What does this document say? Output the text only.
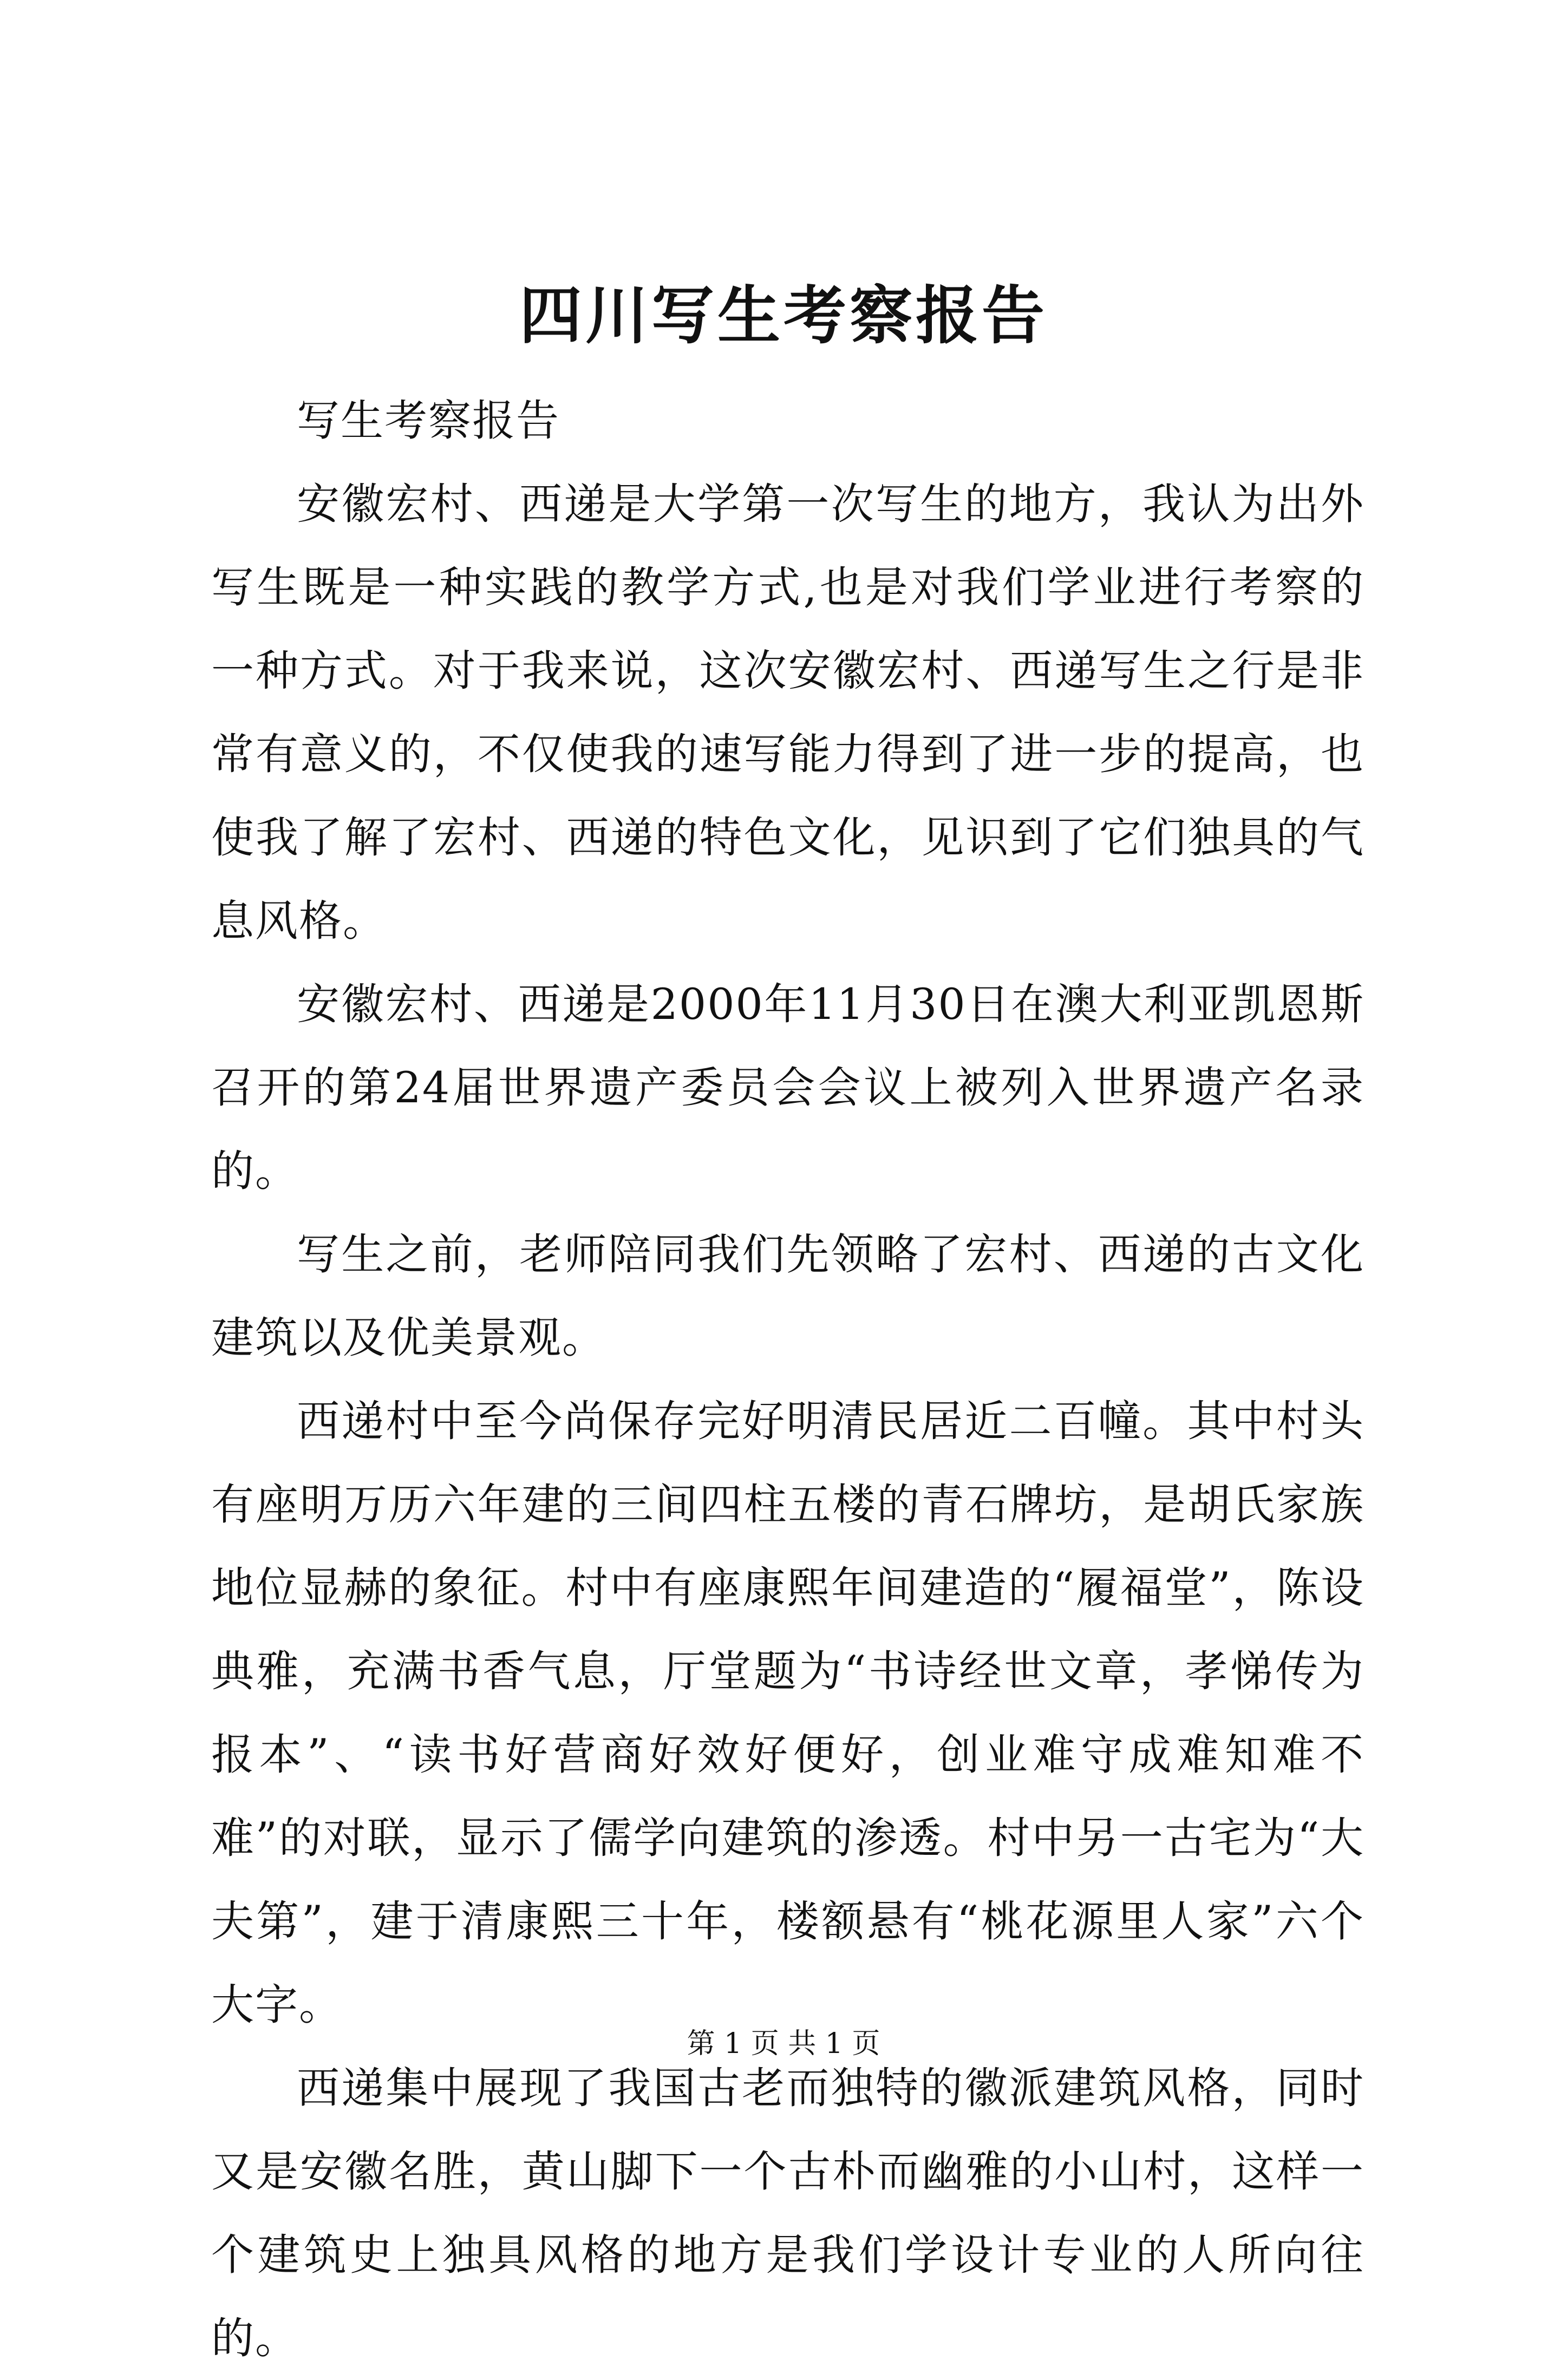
四川写生考察报告

写生考察报告

安徽宏村、西递是大学第一次写生的地方，我认为出外写生既是一种实践的教学方式,也是对我们学业进行考察的一种方式。对于我来说，这次安徽宏村、西递写生之行是非常有意义的，不仅使我的速写能力得到了进一步的提高，也使我了解了宏村、西递的特色文化，见识到了它们独具的气息风格。

安徽宏村、西递是2000年11月30日在澳大利亚凯恩斯召开的第24届世界遗产委员会会议上被列入世界遗产名录的。

写生之前，老师陪同我们先领略了宏村、西递的古文化建筑以及优美景观。

西递村中至今尚保存完好明清民居近二百幢。其中村头有座明万历六年建的三间四柱五楼的青石牌坊，是胡氏家族地位显赫的象征。村中有座康熙年间建造的“履福堂”，陈设典雅，充满书香气息，厅堂题为“书诗经世文章，孝悌传为报本”、“读书好营商好效好便好，创业难守成难知难不难”的对联，显示了儒学向建筑的渗透。村中另一古宅为“大夫第”，建于清康熙三十年，楼额悬有“桃花源里人家”六个大字。

西递集中展现了我国古老而独特的徽派建筑风格，同时又是安徽名胜，黄山脚下一个古朴而幽雅的小山村，这样一个建筑史上独具风格的地方是我们学设计专业的人所向往的。

第 1 页 共 1 页
